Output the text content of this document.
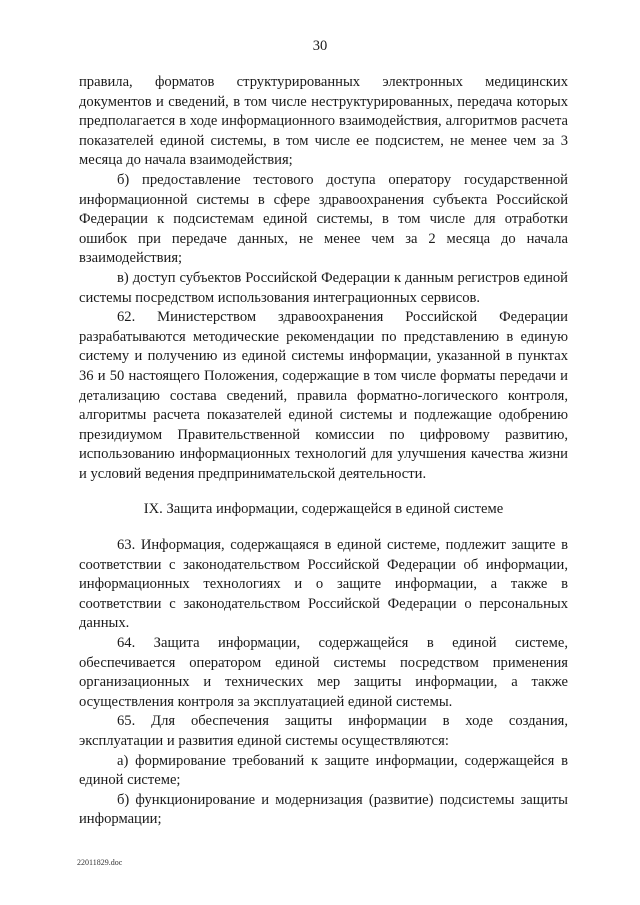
30

правила, форматов структурированных электронных медицинских документов и сведений, в том числе неструктурированных, передача которых предполагается в ходе информационного взаимодействия, алгоритмов расчета показателей единой системы, в том числе ее подсистем, не менее чем за 3 месяца до начала взаимодействия;

б) предоставление тестового доступа оператору государственной информационной системы в сфере здравоохранения субъекта Российской Федерации к подсистемам единой системы, в том числе для отработки ошибок при передаче данных, не менее чем за 2 месяца до начала взаимодействия;

в) доступ субъектов Российской Федерации к данным регистров единой системы посредством использования интеграционных сервисов.

62. Министерством здравоохранения Российской Федерации разрабатываются методические рекомендации по представлению в единую систему и получению из единой системы информации, указанной в пунктах 36 и 50 настоящего Положения, содержащие в том числе форматы передачи и детализацию состава сведений, правила форматно-логического контроля, алгоритмы расчета показателей единой системы и подлежащие одобрению президиумом Правительственной комиссии по цифровому развитию, использованию информационных технологий для улучшения качества жизни и условий ведения предпринимательской деятельности.

IX. Защита информации, содержащейся в единой системе

63. Информация, содержащаяся в единой системе, подлежит защите в соответствии с законодательством Российской Федерации об информации, информационных технологиях и о защите информации, а также в соответствии с законодательством Российской Федерации о персональных данных.

64. Защита информации, содержащейся в единой системе, обеспечивается оператором единой системы посредством применения организационных и технических мер защиты информации, а также осуществления контроля за эксплуатацией единой системы.

65. Для обеспечения защиты информации в ходе создания, эксплуатации и развития единой системы осуществляются:

а) формирование требований к защите информации, содержащейся в единой системе;

б) функционирование и модернизация (развитие) подсистемы защиты информации;

22011829.doc
